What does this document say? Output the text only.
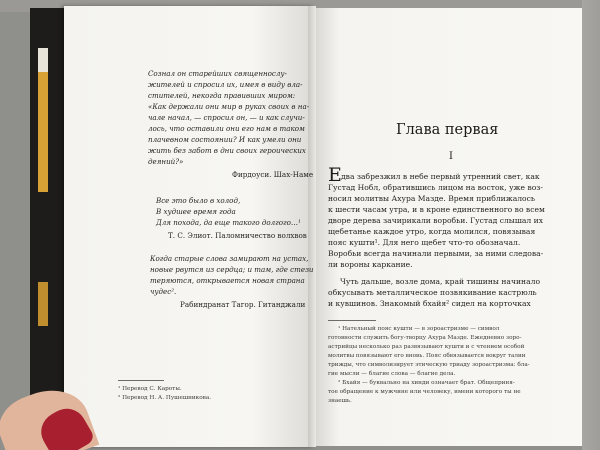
Сознал он старейших священнослу-

жителей и спросил их, имея в виду вла-

стителей, некогда правивших миром:

«Как держали они мир в руках своих в на-

чале начал, — спросил он, — и как случи-

лось, что оставили они его нам в таком

плачевном состоянии? И как умели они

жить без забот в дни своих героических

деяний?»

Фирдоуси. Шах-Наме

Все это было в холод,

В худшее время года

Для похода, да еще такого долгого…¹

Т. С. Элиот. Паломничество волхвов

Когда старые слова замирают на устах,

новые рвутся из сердца; и там, где стези

теряются, открывается новая страна

чудес².

Рабиндранат Тагор. Гитанджали

¹ Перевод С. Кароты.

² Перевод Н. А. Пушешникова.

Глава первая

I

Е два забрезжил в небе первый утренний свет, как

Густад Нобл, обратившись лицом на восток, уже воз-

носил молитвы Ахура Мазде. Время приближалось

к шести часам утра, и в кроне единственного во всем

дворе дерева зачирикали воробьи. Густад слышал их

щебетанье каждое утро, когда молился, повязывая

пояс кушти¹. Для него щебет что-то обозначал.

Воробьи всегда начинали первыми, за ними следова-

ли вороны каркание.

Чуть дальше, возле дома, край тишины начинало

обкусывать металлическое позвякивание кастрюль

и кувшинов. Знакомый бхайя² сидел на корточках

¹ Нательный пояс кушти — в зороастризме — символ

готовности служить богу-творцу Ахура Мазде. Ежедневно зоро-

астрийцы несколько раз развязывают кушти и с чтением особой

молитвы повязывают его вновь. Пояс обвязывается вокруг талии

трижды, что символизирует этическую триаду зороастризма: бла-

гие мысли — благие слова — благие дела.

² Бхайя — буквально на хинди означает брат. Общеприня-

тое обращение к мужчине или человеку, имени которого ты не

знаешь.
